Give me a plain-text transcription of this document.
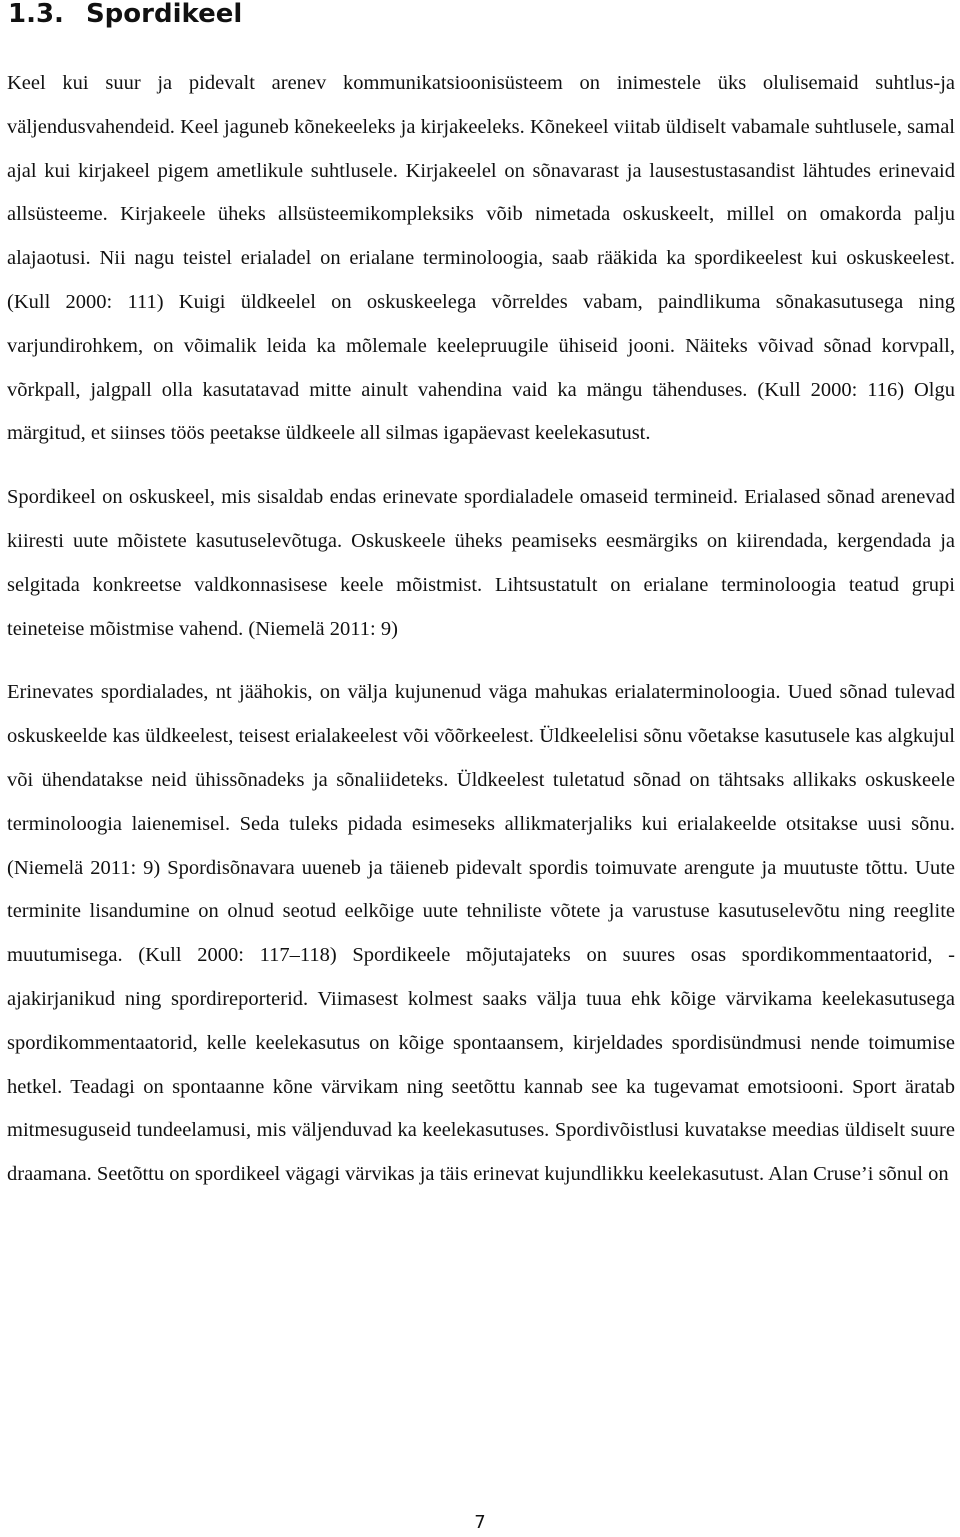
1.3. Spordikeel

Keel kui suur ja pidevalt arenev kommunikatsioonisüsteem on inimestele üks olulisemaid suhtlus-ja väljendusvahendeid. Keel jaguneb kõnekeeleks ja kirjakeeleks. Kõnekeel viitab üldiselt vabamale suhtlusele, samal ajal kui kirjakeel pigem ametlikule suhtlusele. Kirjakeelel on sõnavarast ja lausestustasandist lähtudes erinevaid allsüsteeme. Kirjakeele üheks allsüsteemikompleksiks võib nimetada oskuskeelt, millel on omakorda palju alajaotusi. Nii nagu teistel erialadel on erialane terminoloogia, saab rääkida ka spordikeelest kui oskuskeelest. (Kull 2000: 111) Kuigi üldkeelel on oskuskeelega võrreldes vabam, paindlikuma sõnakasutusega ning varjundirohkem, on võimalik leida ka mõlemale keelepruugile ühiseid jooni. Näiteks võivad sõnad korvpall, võrkpall, jalgpall olla kasutatavad mitte ainult vahendina vaid ka mängu tähenduses. (Kull 2000: 116) Olgu märgitud, et siinses töös peetakse üldkeele all silmas igapäevast keelekasutust.

Spordikeel on oskuskeel, mis sisaldab endas erinevate spordialadele omaseid termineid. Erialased sõnad arenevad kiiresti uute mõistete kasutuselevõtuga. Oskuskeele üheks peamiseks eesmärgiks on kiirendada, kergendada ja selgitada konkreetse valdkonnasisese keele mõistmist. Lihtsustatult on erialane terminoloogia teatud grupi teineteise mõistmise vahend. (Niemelä 2011: 9)

Erinevates spordialades, nt jäähokis, on välja kujunenud väga mahukas erialaterminoloogia. Uued sõnad tulevad oskuskeelde kas üldkeelest, teisest erialakeelest või võõrkeelest. Üldkeelelisi sõnu võetakse kasutusele kas algkujul või ühendatakse neid ühissõnadeks ja sõnaliideteks. Üldkeelest tuletatud sõnad on tähtsaks allikaks oskuskeele terminoloogia laienemisel. Seda tuleks pidada esimeseks allikmaterjaliks kui erialakeelde otsitakse uusi sõnu. (Niemelä 2011: 9) Spordisõnavara uueneb ja täieneb pidevalt spordis toimuvate arengute ja muutuste tõttu. Uute terminite lisandumine on olnud seotud eelkõige uute tehniliste võtete ja varustuse kasutuselevõtu ning reeglite muutumisega. (Kull 2000: 117–118) Spordikeele mõjutajateks on suures osas spordikommentaatorid, -ajakirjanikud ning spordireporterid. Viimasest kolmest saaks välja tuua ehk kõige värvikama keelekasutusega spordikommentaatorid, kelle keelekasutus on kõige spontaansem, kirjeldades spordisündmusi nende toimumise hetkel. Teadagi on spontaanne kõne värvikam ning seetõttu kannab see ka tugevamat emotsiooni. Sport äratab mitmesuguseid tundeelamusi, mis väljenduvad ka keelekasutuses. Spordivõistlusi kuvatakse meedias üldiselt suure draamana. Seetõttu on spordikeel vägagi värvikas ja täis erinevat kujundlikku keelekasutust. Alan Cruse’i sõnul on

7
